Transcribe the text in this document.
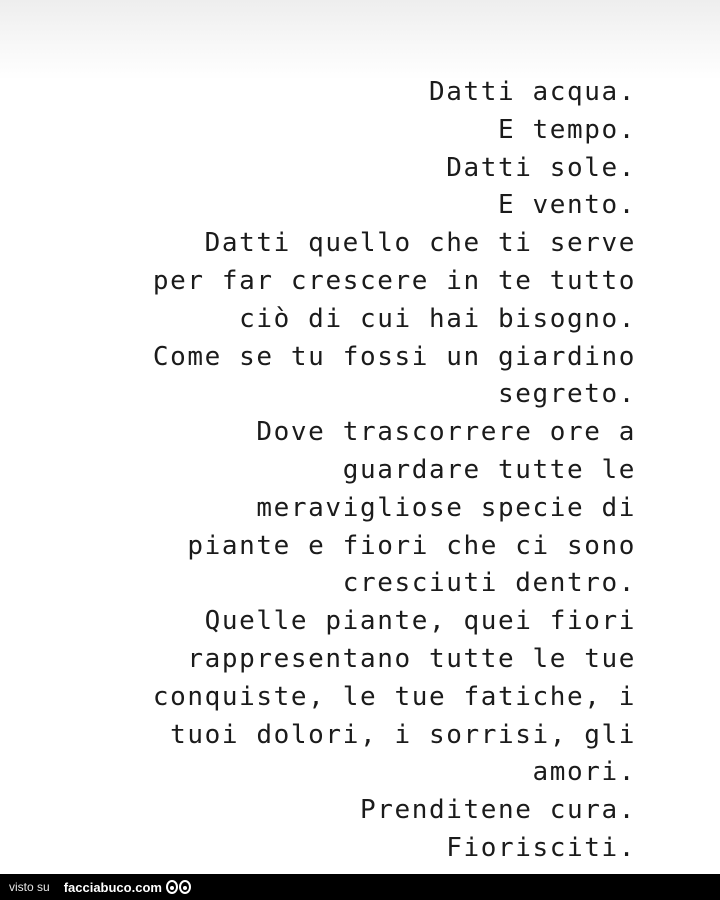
Datti acqua.
E tempo.
Datti sole.
E vento.
Datti quello che ti serve
per far crescere in te tutto
ciò di cui hai bisogno.
Come se tu fossi un giardino
segreto.
Dove trascorrere ore a
guardare tutte le
meravigliose specie di
piante e fiori che ci sono
cresciuti dentro.
Quelle piante, quei fiori
rappresentano tutte le tue
conquiste, le tue fatiche, i
tuoi dolori, i sorrisi, gli
amori.
Prenditene cura.
Fiorisciti.
visto su facciabuco.com
